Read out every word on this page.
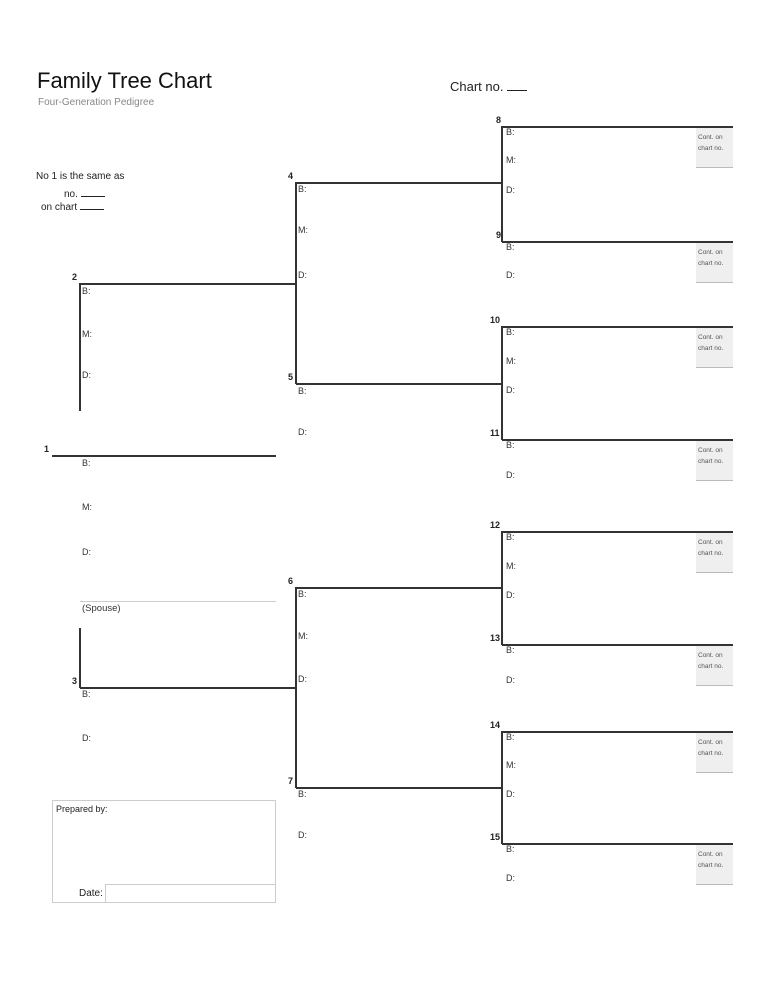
Family Tree Chart
Four-Generation Pedigree
Chart no.
No 1 is the same as
no.
on chart
1
B:
M:
D:
2
B:
M:
D:
3
B:
D:
4
B:
M:
D:
5
B:
D:
6
B:
M:
D:
7
B:
D:
8
B:
M:
D:
Cont. on
chart no.
9
B:
D:
Cont. on
chart no.
10
B:
M:
D:
Cont. on
chart no.
11
B:
D:
Cont. on
chart no.
12
B:
M:
D:
Cont. on
chart no.
13
B:
D:
Cont. on
chart no.
14
B:
M:
D:
Cont. on
chart no.
15
B:
D:
Cont. on
chart no.
(Spouse)
Prepared by:
Date:
